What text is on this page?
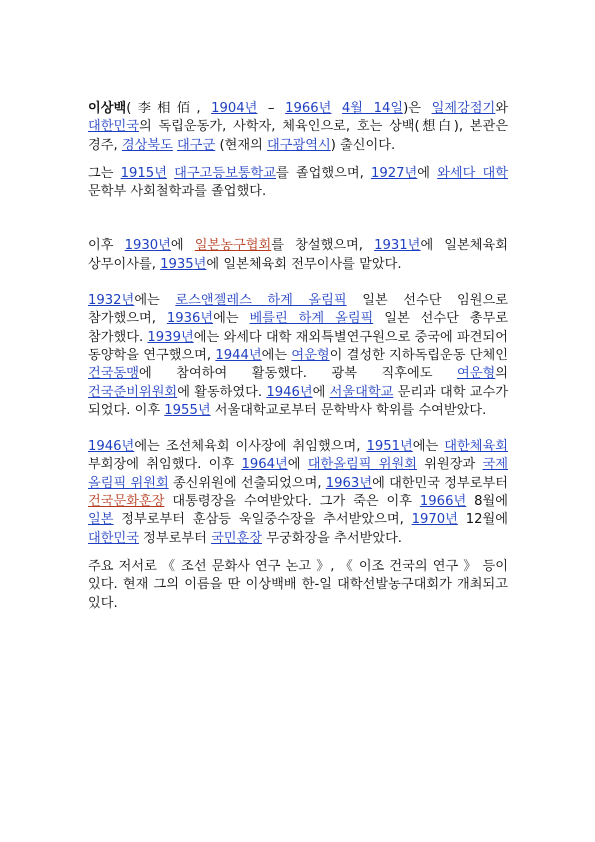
이상백(李相佰, 1904년 – 1966년 4월 14일)은 일제강점기와 대한민국의 독립운동가, 사학자, 체육인으로, 호는 상백(想白), 본관은 경주, 경상북도 대구군 (현재의 대구광역시) 출신이다.

그는 1915년 대구고등보통학교를 졸업했으며, 1927년에 와세다 대학 문학부 사회철학과를 졸업했다.

이후 1930년에 일본농구협회를 창설했으며, 1931년에 일본체육회 상무이사를, 1935년에 일본체육회 전무이사를 맡았다.

1932년에는 로스앤젤레스 하계 올림픽 일본 선수단 임원으로 참가했으며, 1936년에는 베를린 하계 올림픽 일본 선수단 총무로 참가했다. 1939년에는 와세다 대학 재외특별연구원으로 중국에 파견되어 동양학을 연구했으며, 1944년에는 여운형이 결성한 지하독립운동 단체인 건국동맹에 참여하여 활동했다. 광복 직후에도 여운형의 건국준비위원회에 활동하였다. 1946년에 서울대학교 문리과 대학 교수가 되었다. 이후 1955년 서울대학교로부터 문학박사 학위를 수여받았다.

1946년에는 조선체육회 이사장에 취임했으며, 1951년에는 대한체육회 부회장에 취임했다. 이후 1964년에 대한올림픽 위원회 위원장과 국제 올림픽 위원회 종신위원에 선출되었으며, 1963년에 대한민국 정부로부터 건국문화훈장 대통령장을 수여받았다. 그가 죽은 이후 1966년 8월에 일본 정부로부터 훈삼등 욱일중수장을 추서받았으며, 1970년 12월에 대한민국 정부로부터 국민훈장 무궁화장을 추서받았다.

주요 저서로 《 조선 문화사 연구 논고 》, 《 이조 건국의 연구 》 등이 있다. 현재 그의 이름을 딴 이상백배 한-일 대학선발농구대회가 개최되고 있다.
